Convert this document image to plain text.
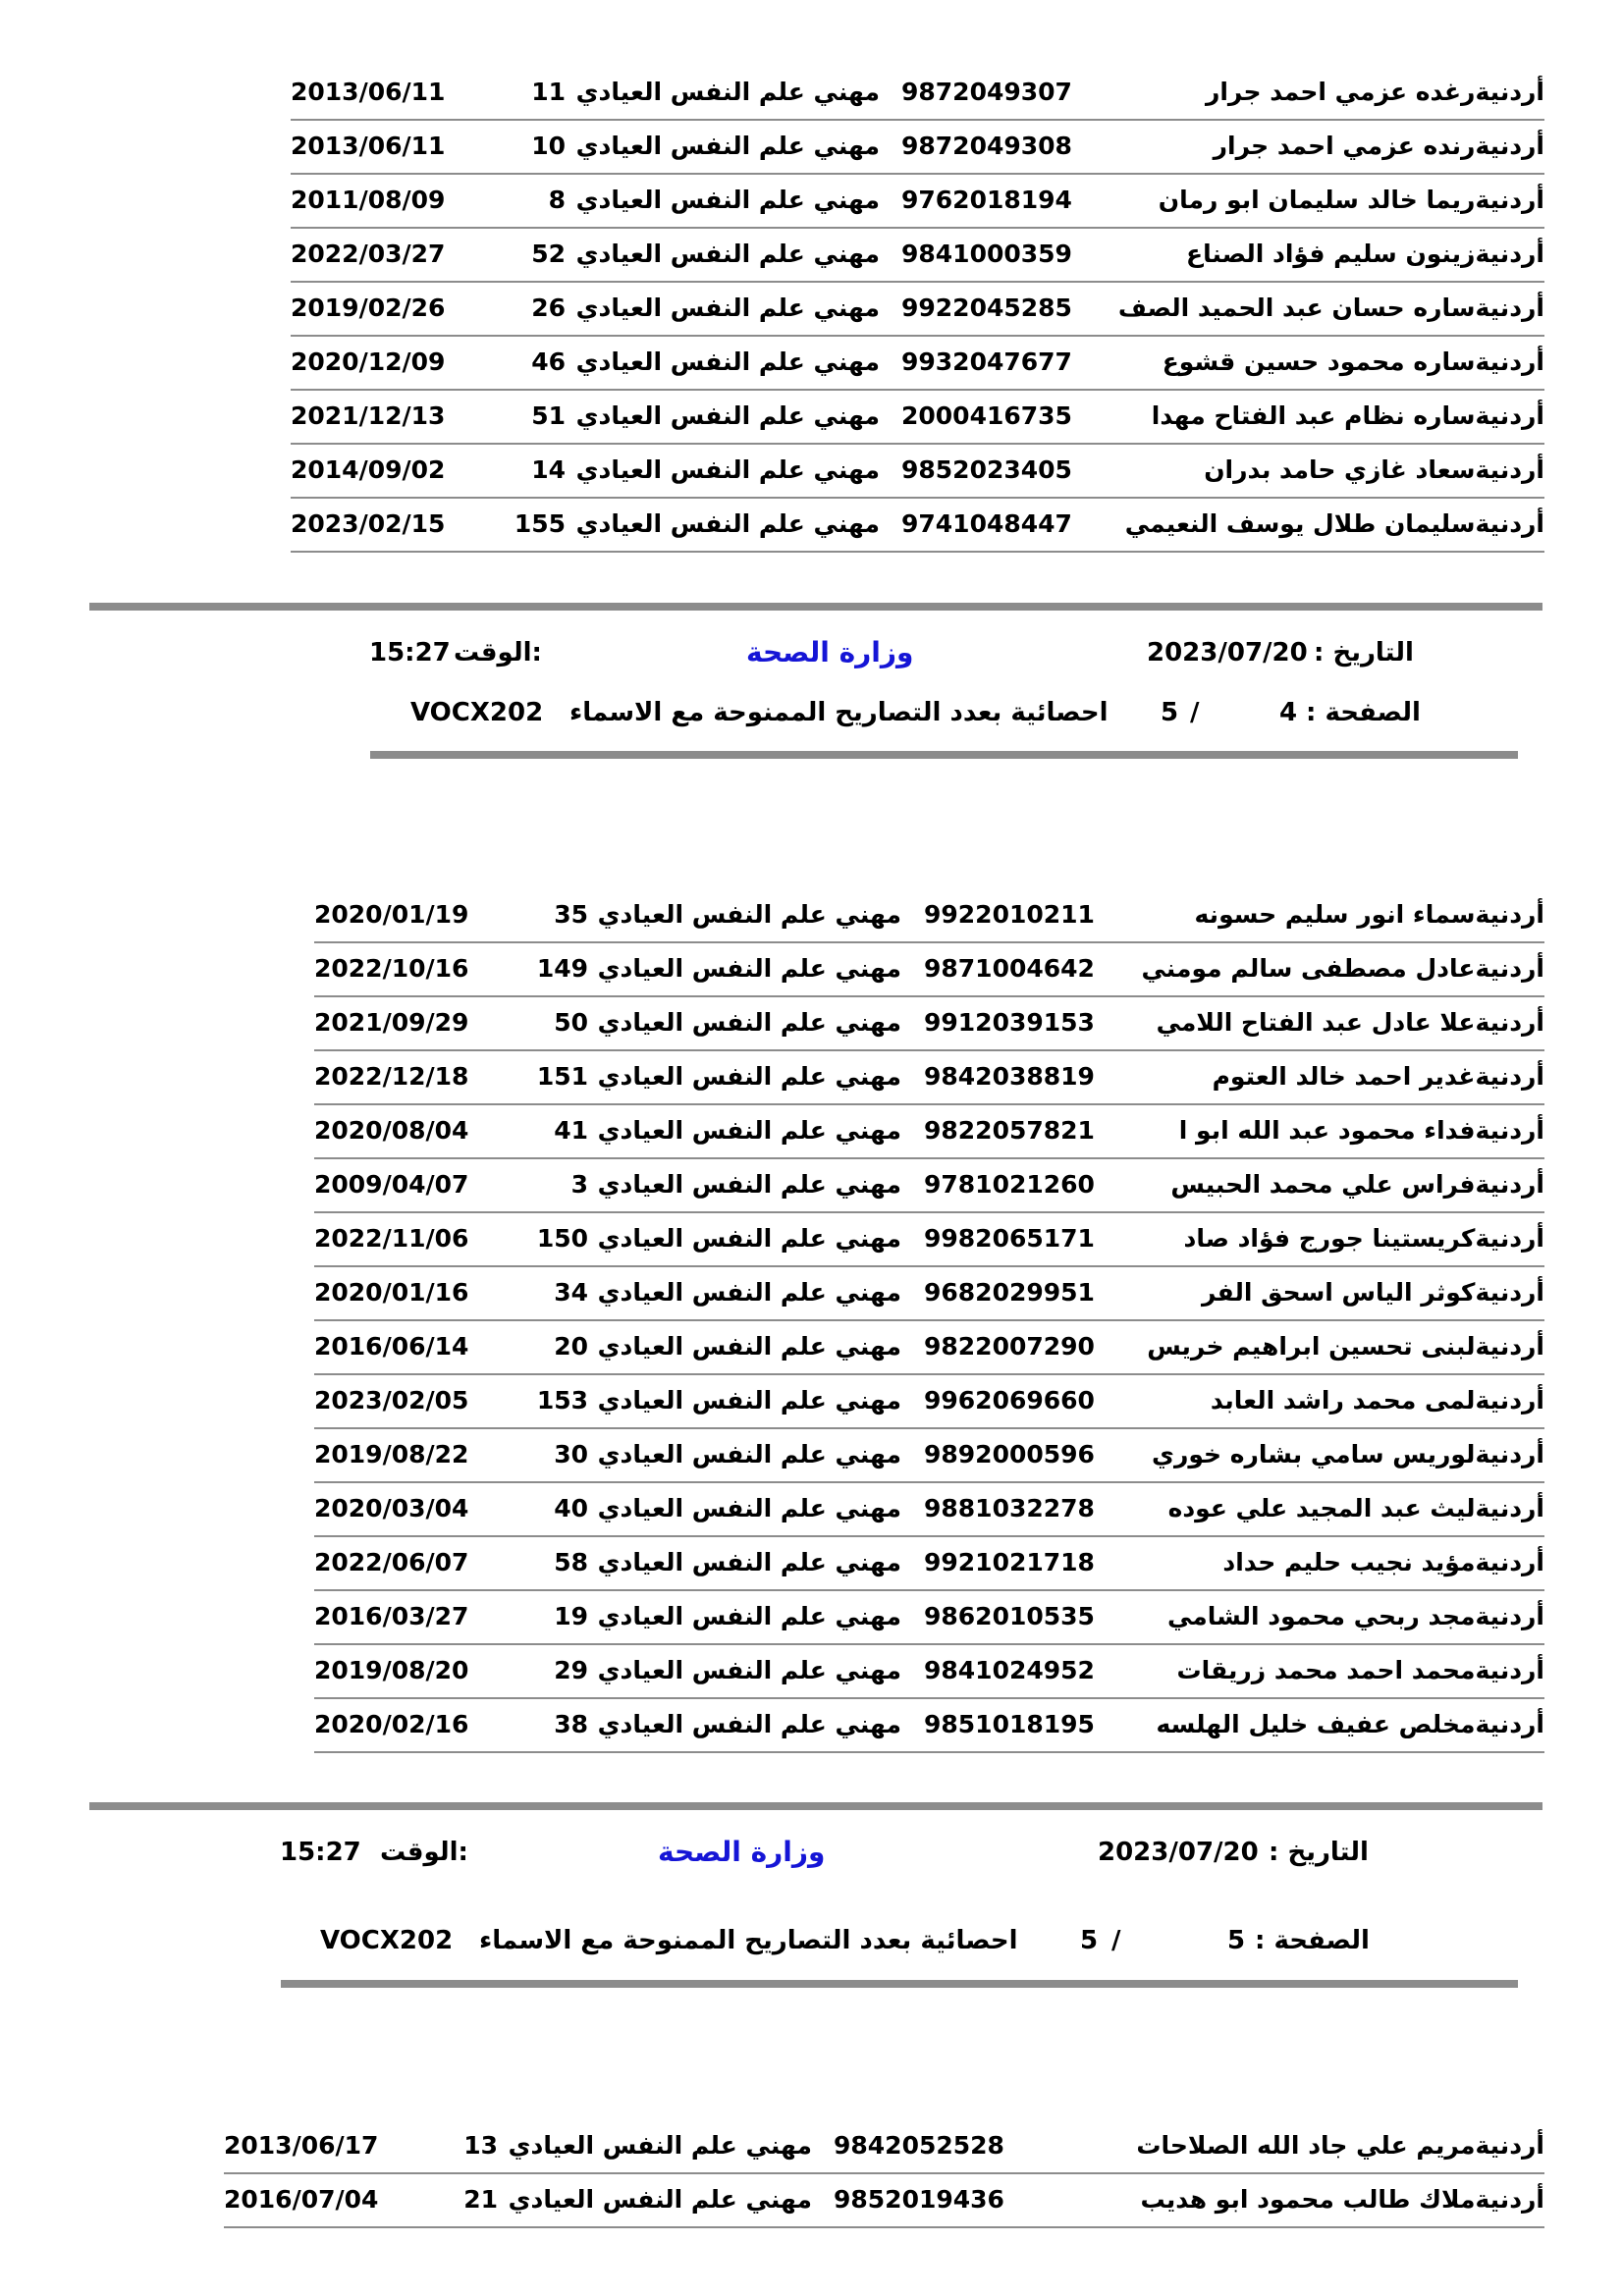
2013/06/11	11 مهني علم النفس العيادي 9872049307	أردنيةرغده عزمي احمد جرار
2013/06/11	10 مهني علم النفس العيادي 9872049308	أردنيةرنده عزمي احمد جرار
2011/08/09	8 مهني علم النفس العيادي 9762018194	أردنيةريما خالد سليمان ابو رمان
2022/03/27	52 مهني علم النفس العيادي 9841000359	أردنيةزينون سليم فؤاد الصناع
2019/02/26	26 مهني علم النفس العيادي 9922045285 أردنيةساره حسان عبد الحميد الصف
2020/12/09	46 مهني علم النفس العيادي 9932047677	أردنيةساره محمود حسين قشوع
2021/12/13	51 مهني علم النفس العيادي 2000416735	أردنيةساره نظام عبد الفتاح مهدا
2014/09/02	14 مهني علم النفس العيادي 9852023405	أردنيةسعاد غازي حامد بدران
2023/02/15	155 مهني علم النفس العيادي 9741048447 أردنيةسليمان طلال يوسف النعيمي
الوقت:
15:27	وزارة الصحة	2023/07/20 التاريخ :
VOCX202 احصائية بعدد التصاريح الممنوحة مع الاسماء 5 /	4 الصفحة :
2020/01/19	35 مهني علم النفس العيادي 9922010211	أردنيةسماء انور سليم حسونه
2022/10/16	149 مهني علم النفس العيادي 9871004642 أردنيةعادل مصطفى سالم مومني
2021/09/29	50 مهني علم النفس العيادي 9912039153	أردنيةعلا عادل عبد الفتاح اللامي
2022/12/18	151 مهني علم النفس العيادي 9842038819	أردنيةغدير احمد خالد العتوم
2020/08/04	41 مهني علم النفس العيادي 9822057821	أردنيةفداء محمود عبد الله ابو ا
2009/04/07	3 مهني علم النفس العيادي 9781021260	أردنيةفراس علي محمد الحبيس
2022/11/06	150 مهني علم النفس العيادي 9982065171	أردنيةكريستينا جورج فؤاد صاد
2020/01/16	34 مهني علم النفس العيادي 9682029951	أردنيةكوثر الياس اسحق الفر
2016/06/14	20 مهني علم النفس العيادي 9822007290 أردنيةلبنى تحسين ابراهيم خريس
2023/02/05	153 مهني علم النفس العيادي 9962069660	أردنيةلمى محمد راشد العابد
2019/08/22	30 مهني علم النفس العيادي 9892000596 أردنيةلوريس سامي بشاره خوري
2020/03/04	40 مهني علم النفس العيادي 9881032278	أردنيةليث عبد المجيد علي عوده
2022/06/07	58 مهني علم النفس العيادي 9921021718	أردنيةمؤيد نجيب حليم حداد
2016/03/27	19 مهني علم النفس العيادي 9862010535	أردنيةمجد ربحي محمود الشامي
2019/08/20	29 مهني علم النفس العيادي 9841024952	أردنيةمحمد احمد محمد زريقات
2020/02/16	38 مهني علم النفس العيادي 9851018195	أردنيةمخلص عفيف خليل الهلسه
الوقت:
15:27	وزارة الصحة	2023/07/20 التاريخ :
VOCX202 احصائية بعدد التصاريح الممنوحة مع الاسماء 5 /	5 الصفحة :
2013/06/17	13 مهني علم النفس العيادي 9842052528	أردنيةمريم علي جاد الله الصلاحات
2016/07/04	21 مهني علم النفس العيادي 9852019436	أردنيةملاك طالب محمود ابو هديب
